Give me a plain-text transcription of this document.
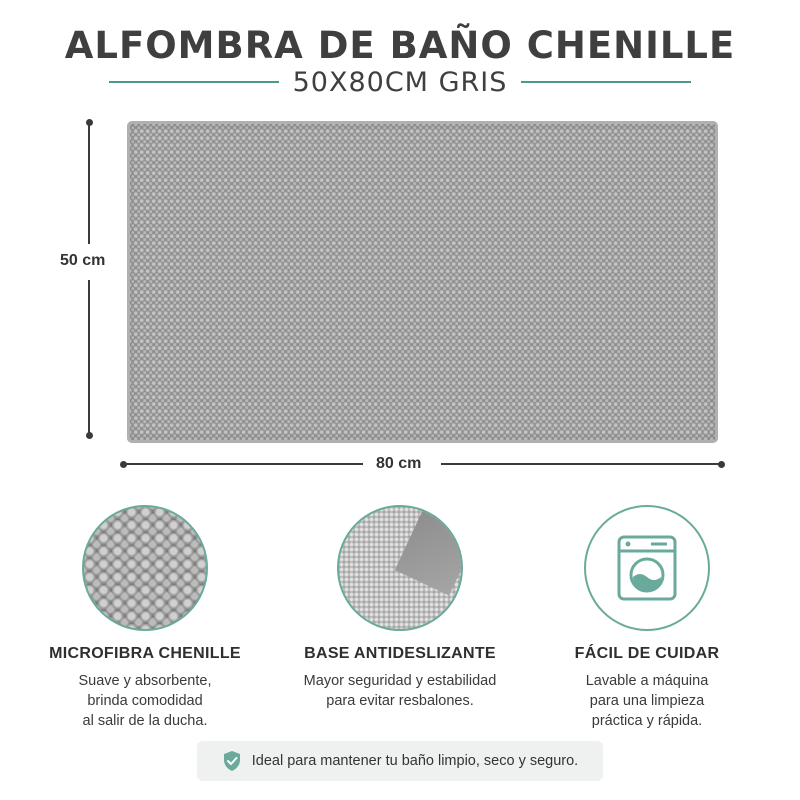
ALFOMBRA DE BAÑO CHENILLE
50X80CM GRIS
50 cm
80 cm
MICROFIBRA CHENILLE
Suave y absorbente,
brinda comodidad
al salir de la ducha.
BASE ANTIDESLIZANTE
Mayor seguridad y estabilidad
para evitar resbalones.
FÁCIL DE CUIDAR
Lavable a máquina
para una limpieza
práctica y rápida.
Ideal para mantener tu baño limpio, seco y seguro.
